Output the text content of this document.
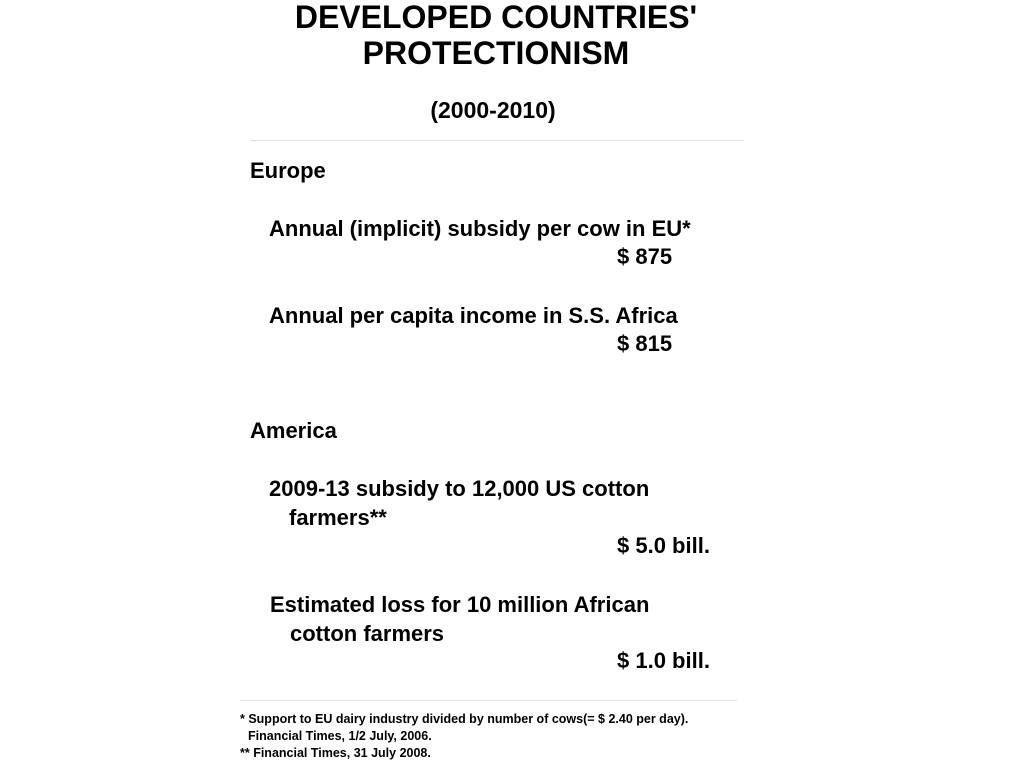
DEVELOPED COUNTRIES'
PROTECTIONISM
(2000-2010)
Europe
Annual (implicit) subsidy per cow in EU*
$ 875
Annual per capita income in S.S. Africa
$ 815
America
2009-13 subsidy to 12,000 US cotton
farmers**
$ 5.0 bill.
Estimated loss for 10 million African
cotton farmers
$ 1.0 bill.
* Support to EU dairy industry divided by number of cows(= $ 2.40 per day).
Financial Times, 1/2 July, 2006.
** Financial Times, 31 July 2008.
